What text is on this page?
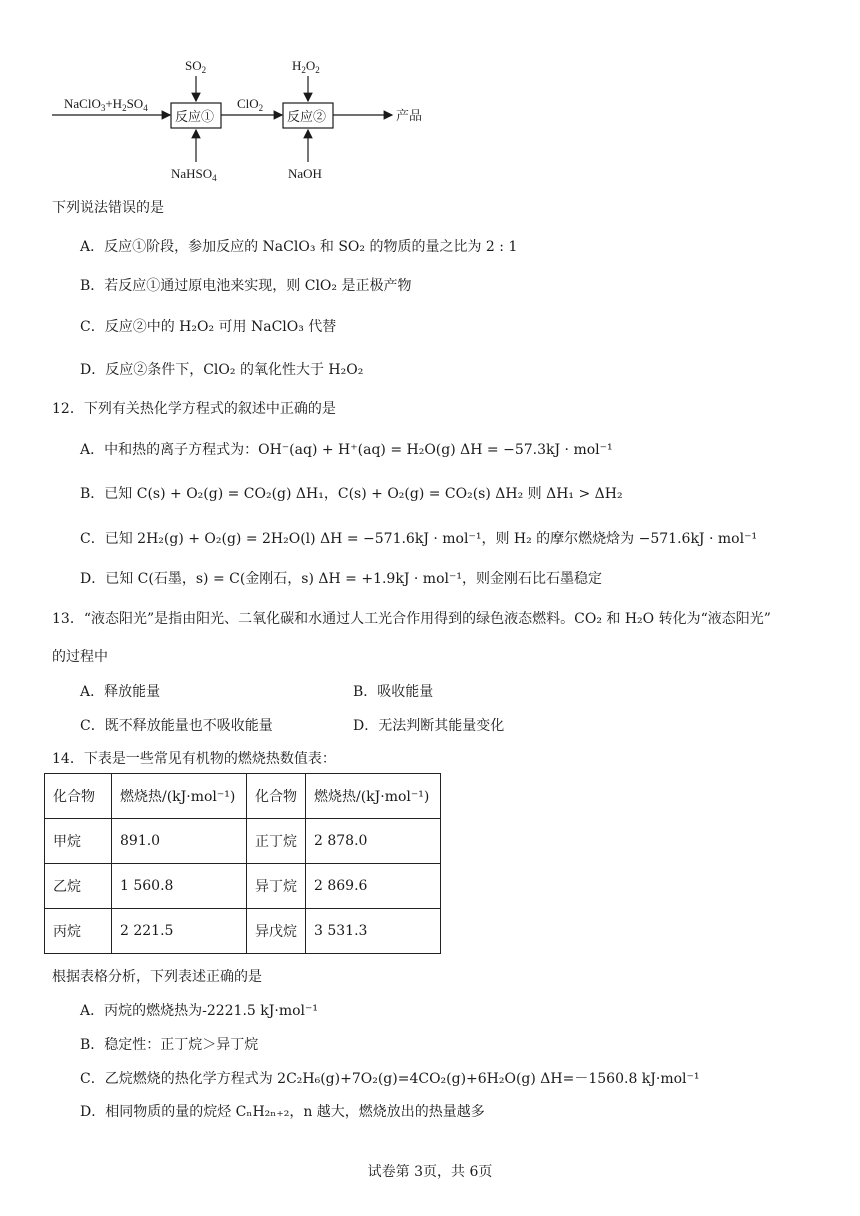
$NaClO_3+H_2SO_4$
反应①
$SO_2$
NaHSO$_4$
ClO$_2$
反应②
$H_2O_2$
NaOH
产品
下列说法错误的是
A．反应①阶段，参加反应的 NaClO₃ 和 SO₂ 的物质的量之比为 2 : 1
B．若反应①通过原电池来实现，则 ClO₂ 是正极产物
C．反应②中的 H₂O₂ 可用 NaClO₃ 代替
D．反应②条件下，ClO₂ 的氧化性大于 H₂O₂
12．下列有关热化学方程式的叙述中正确的是
A．中和热的离子方程式为：OH⁻(aq) + H⁺(aq) = H₂O(g) ΔH = −57.3kJ · mol⁻¹
B．已知 C(s) + O₂(g) = CO₂(g) ΔH₁，C(s) + O₂(g) = CO₂(s) ΔH₂ 则 ΔH₁ > ΔH₂
C．已知 2H₂(g) + O₂(g) = 2H₂O(l) ΔH = −571.6kJ · mol⁻¹，则 H₂ 的摩尔燃烧焓为 −571.6kJ · mol⁻¹
D．已知 C(石墨，s) = C(金刚石，s) ΔH = +1.9kJ · mol⁻¹，则金刚石比石墨稳定
13．“液态阳光”是指由阳光、二氧化碳和水通过人工光合作用得到的绿色液态燃料。CO₂ 和 H₂O 转化为“液态阳光”
的过程中
A．释放能量	B．吸收能量
C．既不释放能量也不吸收能量	D．无法判断其能量变化
14．下表是一些常见有机物的燃烧热数值表：
化合物	燃烧热/(kJ·mol⁻¹)	化合物	燃烧热/(kJ·mol⁻¹)
甲烷	891.0	正丁烷	2 878.0
乙烷	1 560.8	异丁烷	2 869.6
丙烷	2 221.5	异戊烷	3 531.3
根据表格分析，下列表述正确的是
A．丙烷的燃烧热为-2221.5 kJ·mol⁻¹
B．稳定性：正丁烷＞异丁烷
C．乙烷燃烧的热化学方程式为 2C₂H₆(g)+7O₂(g)=4CO₂(g)+6H₂O(g) ΔH=－1560.8 kJ·mol⁻¹
D．相同物质的量的烷烃 CₙH₂ₙ₊₂，n 越大，燃烧放出的热量越多
试卷第 3页，共 6页
